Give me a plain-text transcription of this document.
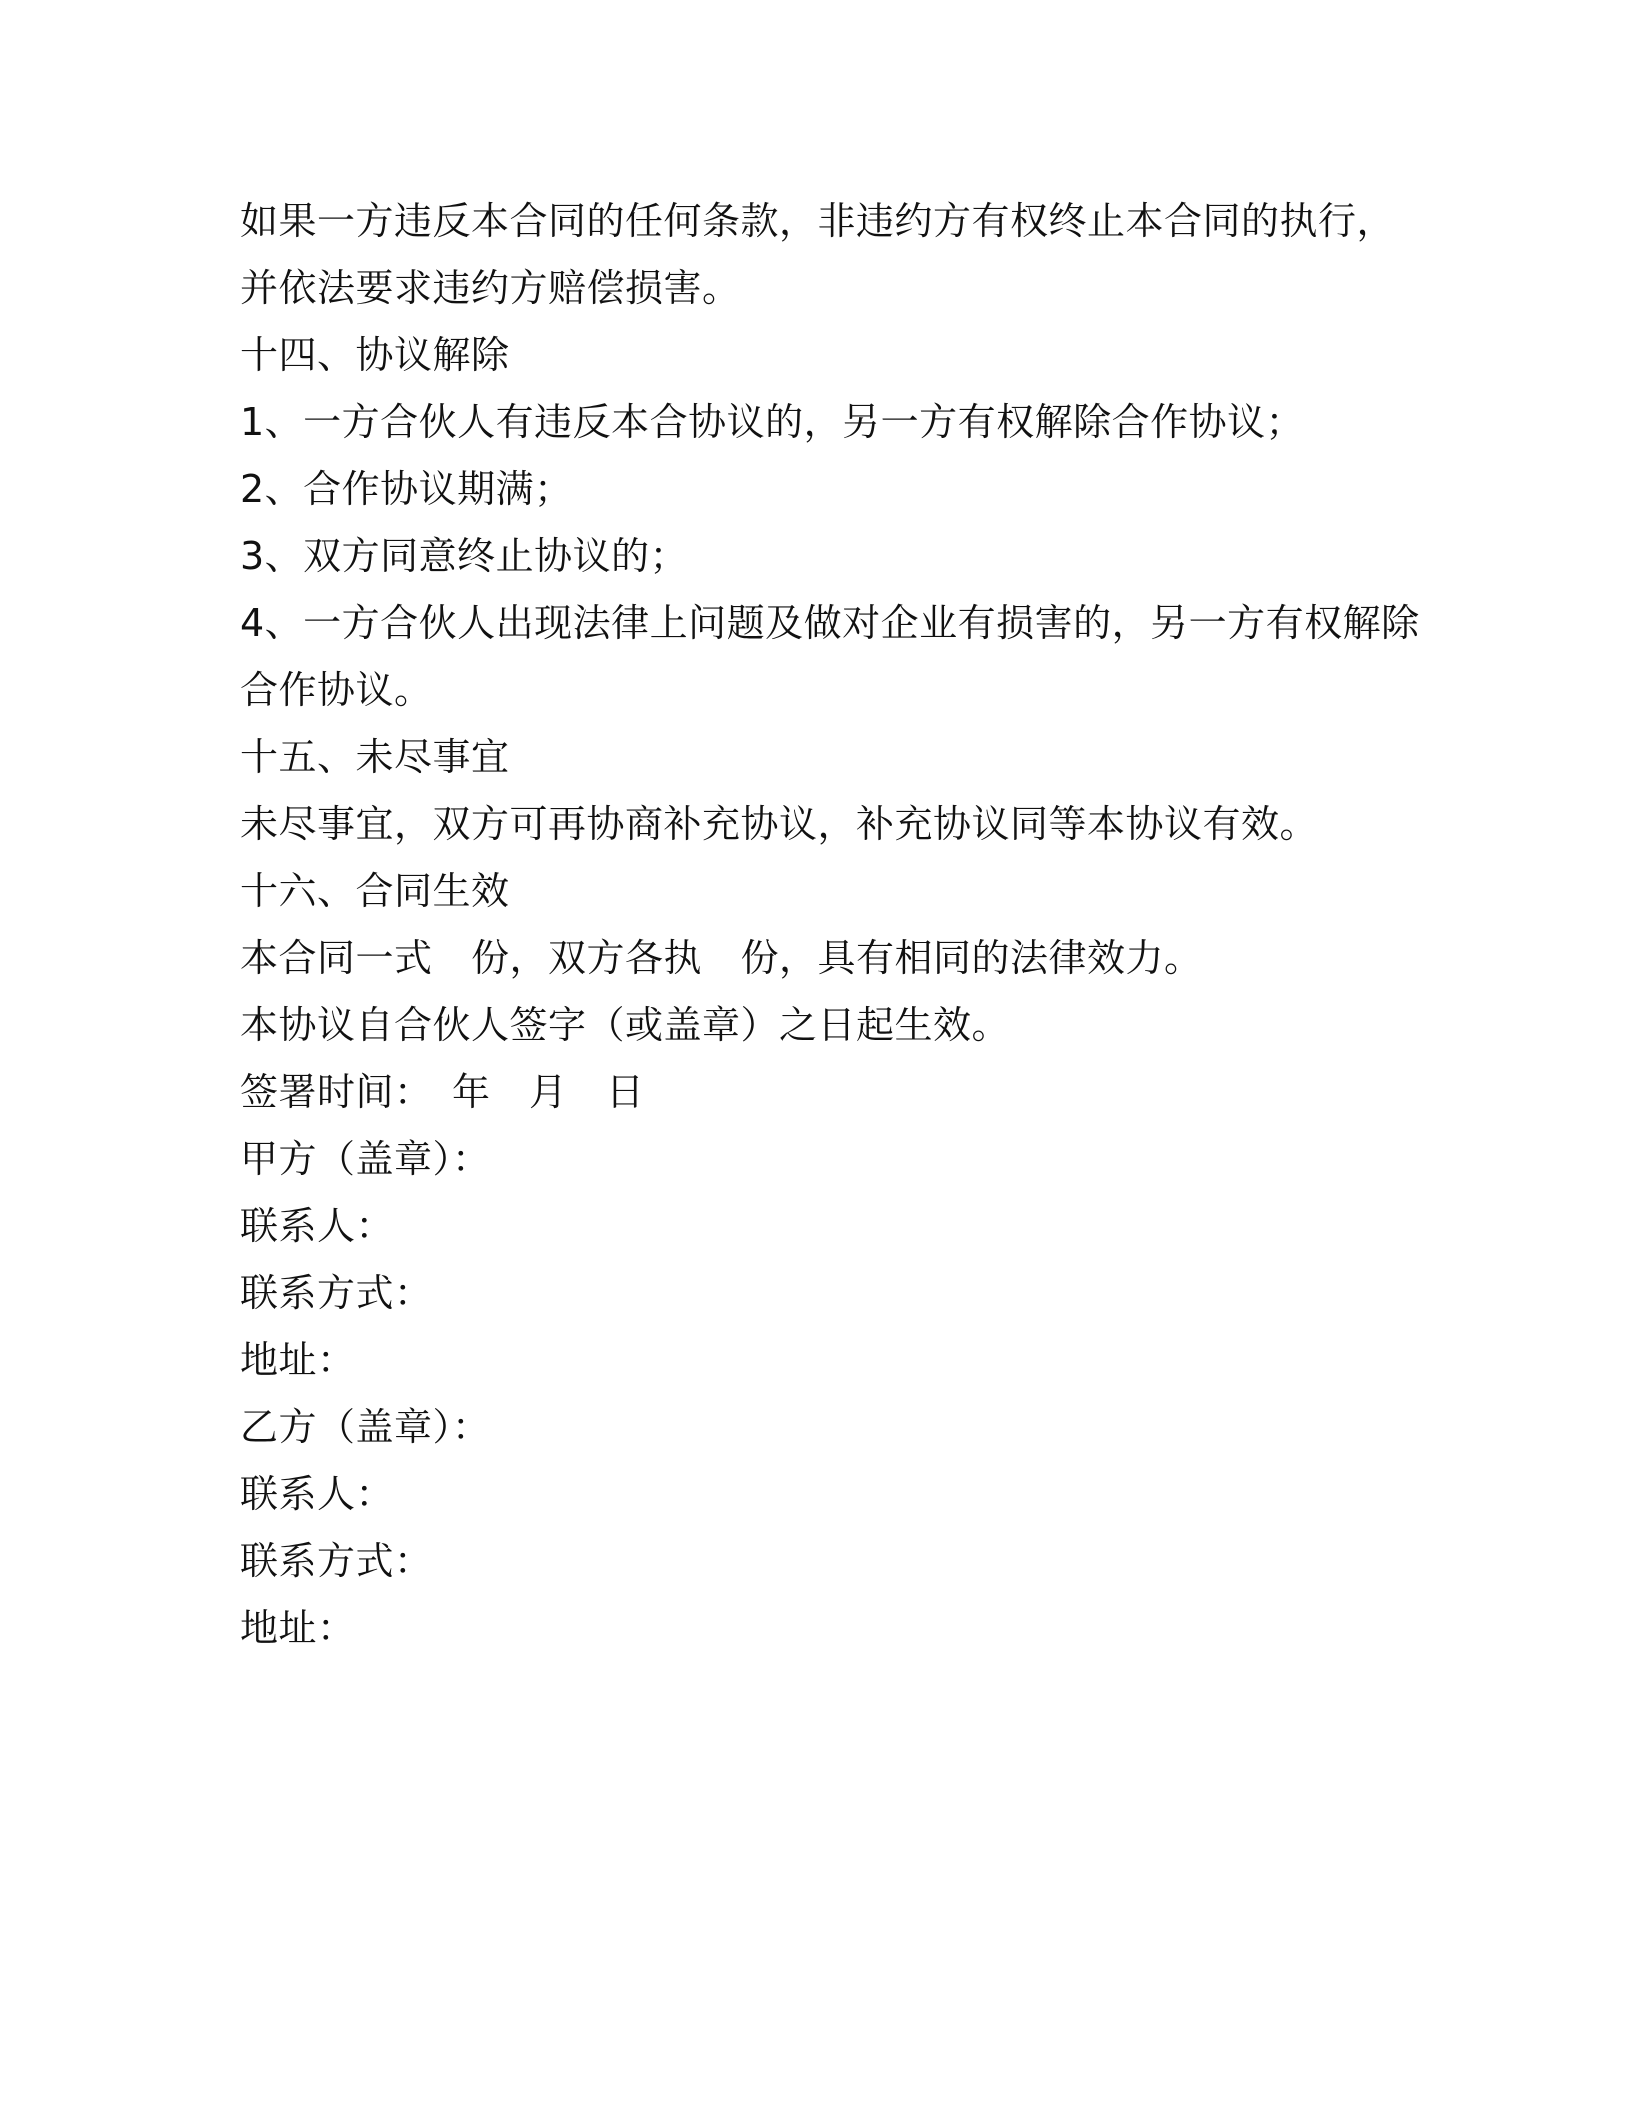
如果一方违反本合同的任何条款，非违约方有权终止本合同的执行，
并依法要求违约方赔偿损害。
十四、协议解除
1、一方合伙人有违反本合协议的，另一方有权解除合作协议；
2、合作协议期满；
3、双方同意终止协议的；
4、一方合伙人出现法律上问题及做对企业有损害的，另一方有权解除
合作协议。
十五、未尽事宜
未尽事宜，双方可再协商补充协议，补充协议同等本协议有效。
十六、合同生效
本合同一式　份，双方各执　份，具有相同的法律效力。
本协议自合伙人签字（或盖章）之日起生效。
签署时间：　年　月　日
甲方（盖章）：
联系人：
联系方式：
地址：
乙方（盖章）：
联系人：
联系方式：
地址：
